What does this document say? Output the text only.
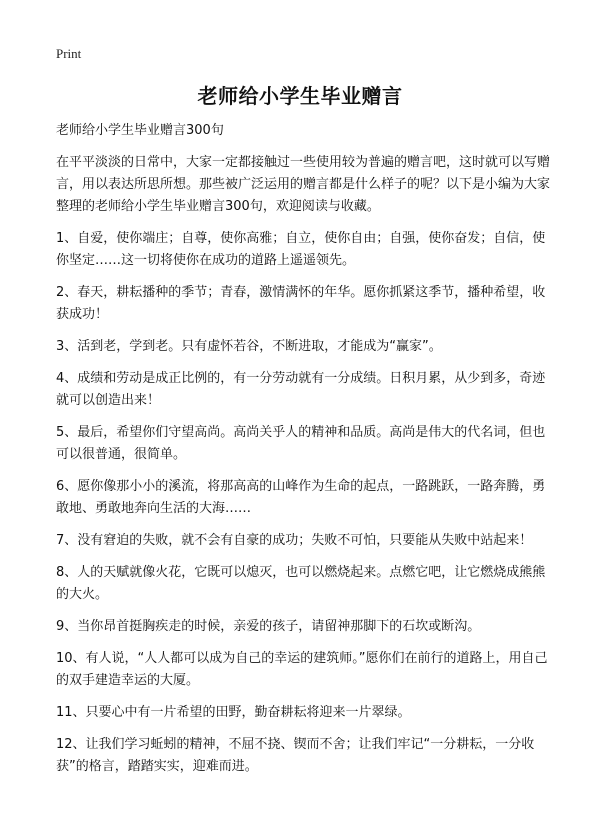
Print
老师给小学生毕业赠言

老师给小学生毕业赠言300句

在平平淡淡的日常中，大家一定都接触过一些使用较为普遍的赠言吧，这时就可以写赠言，用以表达所思所想。那些被广泛运用的赠言都是什么样子的呢？以下是小编为大家整理的老师给小学生毕业赠言300句，欢迎阅读与收藏。

1、自爱，使你端庄；自尊，使你高雅；自立，使你自由；自强，使你奋发；自信，使你坚定……这一切将使你在成功的道路上遥遥领先。

2、春天，耕耘播种的季节；青春，激情满怀的年华。愿你抓紧这季节，播种希望，收获成功！

3、活到老，学到老。只有虚怀若谷，不断进取，才能成为“赢家”。

4、成绩和劳动是成正比例的，有一分劳动就有一分成绩。日积月累，从少到多，奇迹就可以创造出来！

5、最后，希望你们守望高尚。高尚关乎人的精神和品质。高尚是伟大的代名词，但也可以很普通，很简单。

6、愿你像那小小的溪流，将那高高的山峰作为生命的起点，一路跳跃，一路奔腾，勇敢地、勇敢地奔向生活的大海……

7、没有窘迫的失败，就不会有自豪的成功；失败不可怕，只要能从失败中站起来！

8、人的天赋就像火花，它既可以熄灭，也可以燃烧起来。点燃它吧，让它燃烧成熊熊的大火。

9、当你昂首挺胸疾走的时候，亲爱的孩子，请留神那脚下的石坎或断沟。

10、有人说，“人人都可以成为自己的幸运的建筑师。”愿你们在前行的道路上，用自己的双手建造幸运的大厦。

11、只要心中有一片希望的田野，勤奋耕耘将迎来一片翠绿。

12、让我们学习蚯蚓的精神，不屈不挠、锲而不舍；让我们牢记“一分耕耘，一分收获”的格言，踏踏实实，迎难而进。
